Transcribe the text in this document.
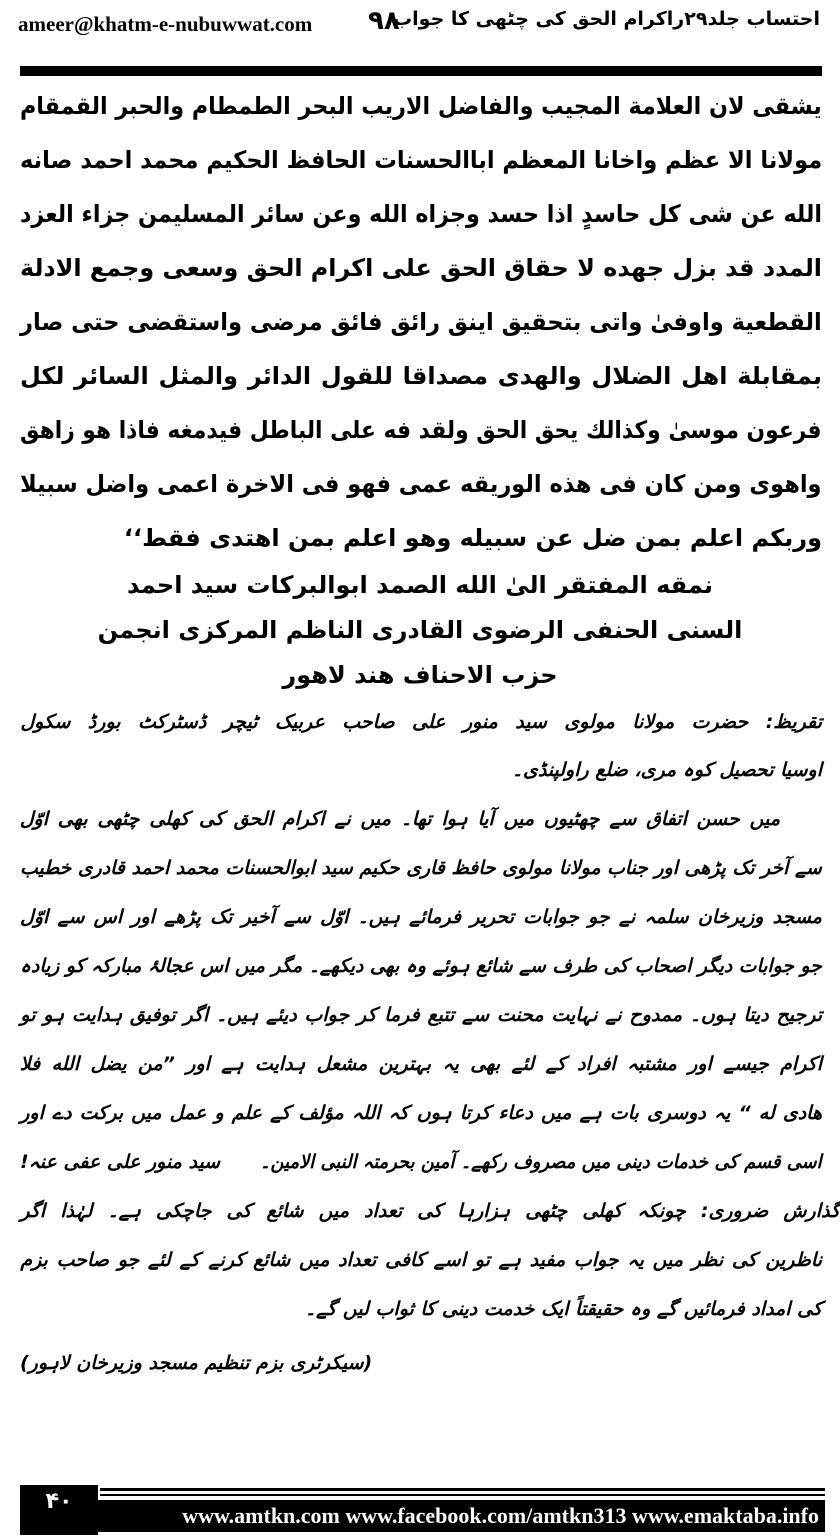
ameer@khatm-e-nubuwwat.com ۹۸
احتساب جلد۲۹راکرام الحق کی چٹھی کا جواب
يشقى لان العلامة المجيب والفاضل الاريب البحر الطمطام والحبر القمقام
مولانا الا عظم واخانا المعظم اباالحسنات الحافظ الحكيم محمد احمد صانه
الله عن شى كل حاسدٍ اذا حسد وجزاه الله وعن سائر المسليمن جزاء العزد
المدد قد بزل جهده لا حقاق الحق على اكرام الحق وسعى وجمع الادلة
القطعية واوفىٰ واتى بتحقيق اينق رائق فائق مرضى واستقضى حتى صار
بمقابلة اهل الضلال والهدى مصداقا للقول الدائر والمثل السائر لكل
فرعون موسىٰ وكذالك يحق الحق ولقد فه على الباطل فيدمغه فاذا هو زاهق
واهوى ومن كان فى هذه الوريقه عمى فهو فى الاخرة اعمى واضل سبيلا
وربكم اعلم بمن ضل عن سبيله وهو اعلم بمن اهتدى فقط‘‘
نمقه المفتقر الىٰ الله الصمد ابوالبركات سيد احمد
السنى الحنفى الرضوى القادرى الناظم المركزى انجمن
حزب الاحناف هند لاهور
تقریظ: حضرت مولانا مولوی سید منور علی صاحب عربیک ٹیچر ڈسٹرکٹ بورڈ سکول
اوسیا تحصیل کوہ مری، ضلع راولپنڈی۔
میں حسن اتفاق سے چھٹیوں میں آیا ہوا تھا۔ میں نے اکرام الحق کی کھلی چٹھی بھی اوّل
سے آخر تک پڑھی اور جناب مولانا مولوی حافظ قاری حکیم سید ابوالحسنات محمد احمد قادری خطیب
مسجد وزیرخان سلمہ نے جو جوابات تحریر فرمائے ہیں۔ اوّل سے آخیر تک پڑھے اور اس سے اوّل
جو جوابات دیگر اصحاب کی طرف سے شائع ہوئے وہ بھی دیکھے۔ مگر میں اس عجالۂ مبارکہ کو زیادہ
ترجیح دیتا ہوں۔ ممدوح نے نہایت محنت سے تتبع فرما کر جواب دیئے ہیں۔ اگر توفیق ہدایت ہو تو
اکرام جیسے اور مشتبہ افراد کے لئے بھی یہ بہترین مشعل ہدایت ہے اور ”من یضل الله فلا
هادی له “ یہ دوسری بات ہے میں دعاء کرتا ہوں کہ اللہ مؤلف کے علم و عمل میں برکت دے اور
اسی قسم کی خدمات دینی میں مصروف رکھے۔ آمین بحرمتہ النبی الامین۔
سید منور علی عفی عنہ!
گذارش ضروری: چونکہ کھلی چٹھی ہزارہا کی تعداد میں شائع کی جاچکی ہے۔ لہٰذا اگر
ناظرین کی نظر میں یہ جواب مفید ہے تو اسے کافی تعداد میں شائع کرنے کے لئے جو صاحب بزم
کی امداد فرمائیں گے وہ حقیقتاً ایک خدمت دینی کا ثواب لیں گے۔
(سیکرٹری بزم تنظیم مسجد وزیرخان لاہور)
۴۰
www.amtkn.com www.facebook.com/amtkn313 www.emaktaba.info
